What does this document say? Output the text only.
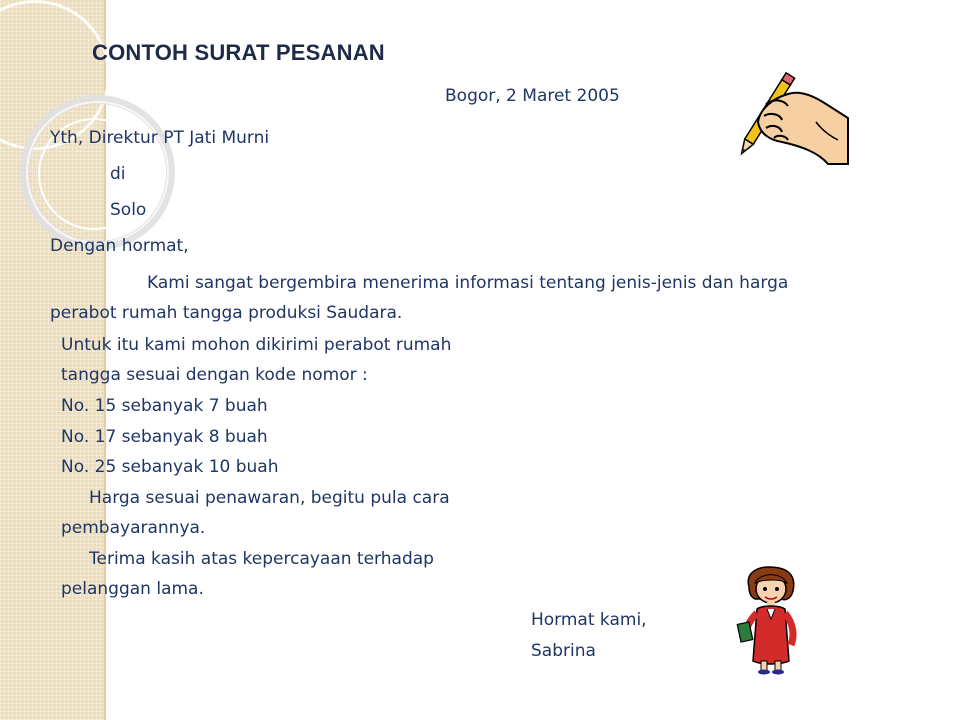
CONTOH SURAT PESANAN
Bogor, 2 Maret 2005
Yth, Direktur PT Jati Murni
di
Solo
Dengan hormat,
Kami sangat bergembira menerima informasi tentang jenis-jenis dan harga
perabot rumah tangga produksi Saudara.
Untuk itu kami mohon dikirimi perabot rumah
tangga sesuai dengan kode nomor :
No. 15 sebanyak 7 buah
No. 17 sebanyak 8 buah
No. 25 sebanyak 10 buah
Harga sesuai penawaran, begitu pula cara
pembayarannya.
Terima kasih atas kepercayaan terhadap
pelanggan lama.
Hormat kami,
Sabrina
